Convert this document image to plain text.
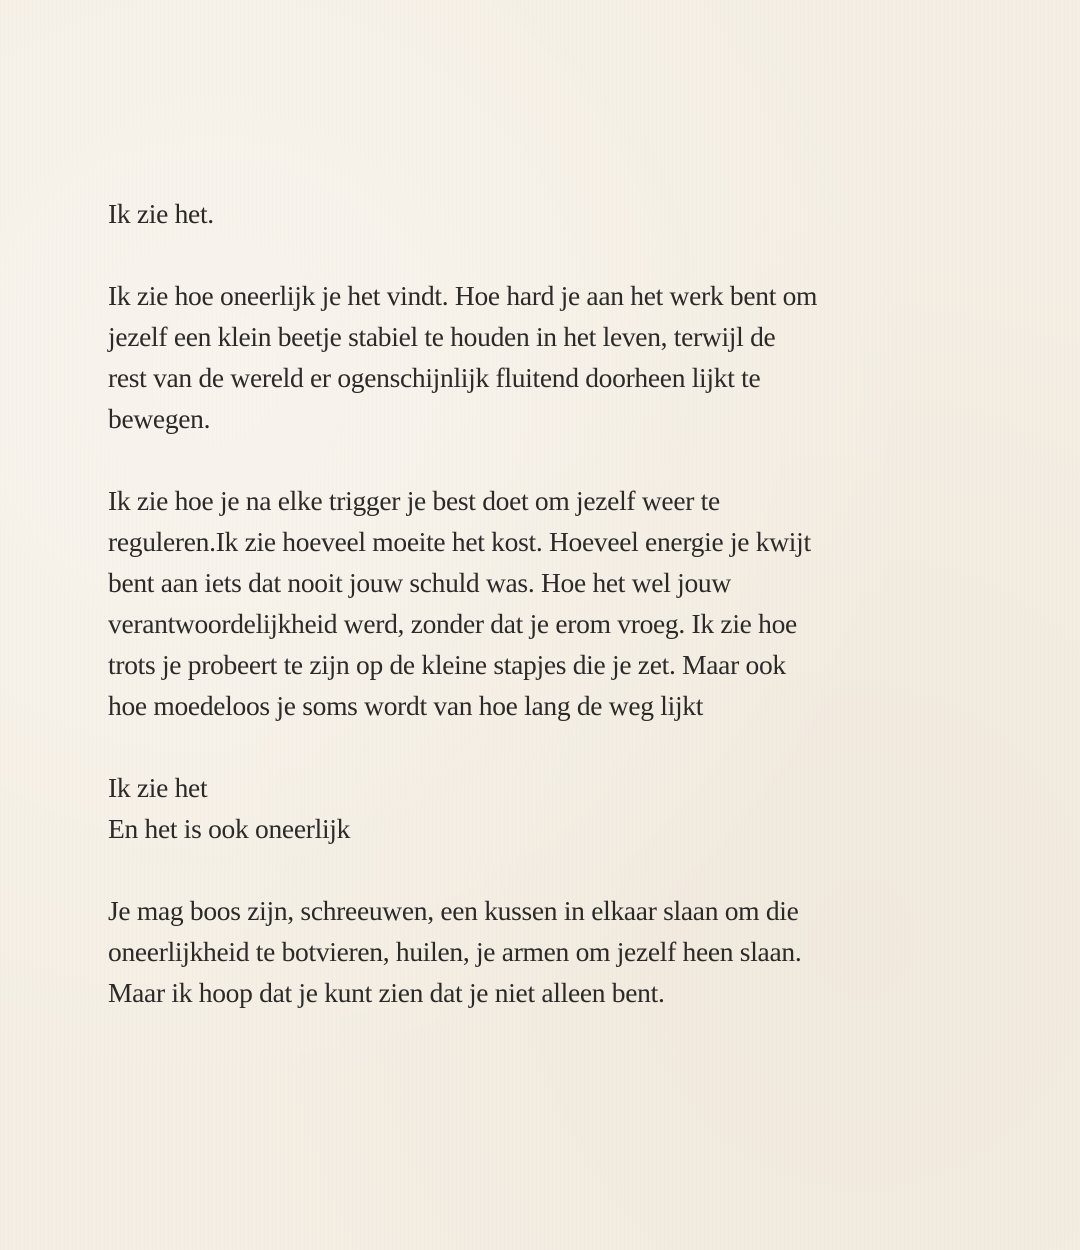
Ik zie het.

Ik zie hoe oneerlijk je het vindt. Hoe hard je aan het werk bent om
jezelf een klein beetje stabiel te houden in het leven, terwijl de
rest van de wereld er ogenschijnlijk fluitend doorheen lijkt te
bewegen.

Ik zie hoe je na elke trigger je best doet om jezelf weer te
reguleren.Ik zie hoeveel moeite het kost. Hoeveel energie je kwijt
bent aan iets dat nooit jouw schuld was. Hoe het wel jouw
verantwoordelijkheid werd, zonder dat je erom vroeg. Ik zie hoe
trots je probeert te zijn op de kleine stapjes die je zet. Maar ook
hoe moedeloos je soms wordt van hoe lang de weg lijkt

Ik zie het
En het is ook oneerlijk

Je mag boos zijn, schreeuwen, een kussen in elkaar slaan om die
oneerlijkheid te botvieren, huilen, je armen om jezelf heen slaan.
Maar ik hoop dat je kunt zien dat je niet alleen bent.
